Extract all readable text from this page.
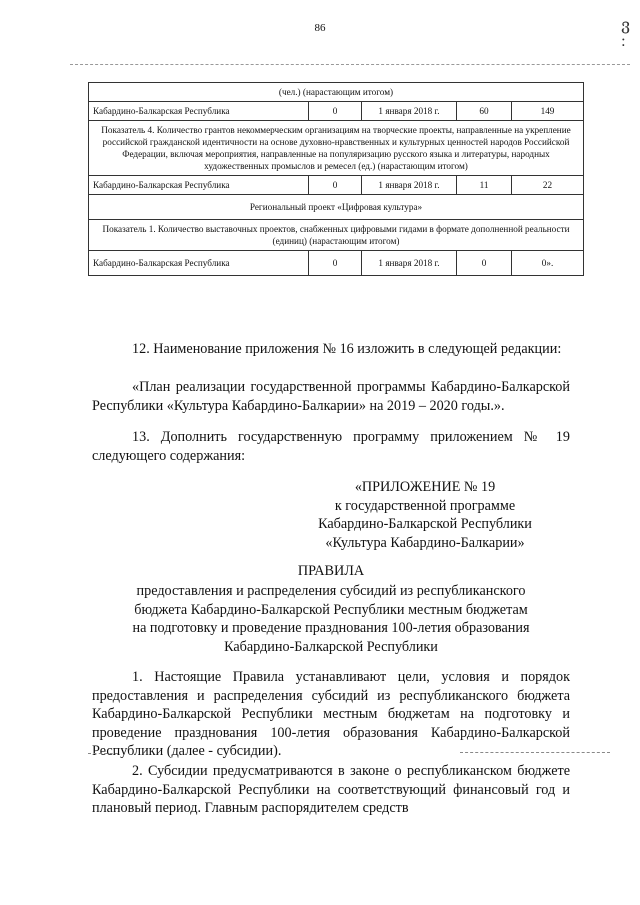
86	ვ
:
(чел.) (нарастающим итогом)				
Кабардино-Балкарская Республика	0	1 января 2018 г.	60	149
Показатель 4. Количество грантов некоммерческим организациям на творческие проекты, направленные на укрепление российской гражданской идентичности на основе духовно-нравственных и культурных ценностей народов Российской Федерации, включая мероприятия, направленные на популяризацию русского языка и литературы, народных художественных промыслов и ремесел (ед.) (нарастающим итогом)				
Кабардино-Балкарская Республика	0	1 января 2018 г.	11	22
Региональный проект «Цифровая культура»				
Показатель 1. Количество выставочных проектов, снабженных цифровыми гидами в формате дополненной реальности (единиц) (нарастающим итогом)				
Кабардино-Балкарская Республика	0	1 января 2018 г.	0	0».
12. Наименование приложения № 16 изложить в следующей редакции:
«План реализации государственной программы Кабардино-Балкарской Республики «Культура Кабардино-Балкарии» на 2019 – 2020 годы.».
13. Дополнить государственную программу приложением № 19 следующего содержания:
«ПРИЛОЖЕНИЕ № 19
к государственной программе
Кабардино-Балкарской Республики
«Культура Кабардино-Балкарии»
ПРАВИЛА
предоставления и распределения субсидий из республиканского
бюджета Кабардино-Балкарской Республики местным бюджетам
на подготовку и проведение празднования 100-летия образования
Кабардино-Балкарской Республики
1. Настоящие Правила устанавливают цели, условия и порядок предоставления и распределения субсидий из республиканского бюджета Кабардино-Балкарской Республики местным бюджетам на подготовку и проведение празднования 100-летия образования Кабардино-Балкарской Республики (далее - субсидии).
2. Субсидии предусматриваются в законе о республиканском бюджете Кабардино-Балкарской Республики на соответствующий финансовый год и плановый период. Главным распорядителем средств
